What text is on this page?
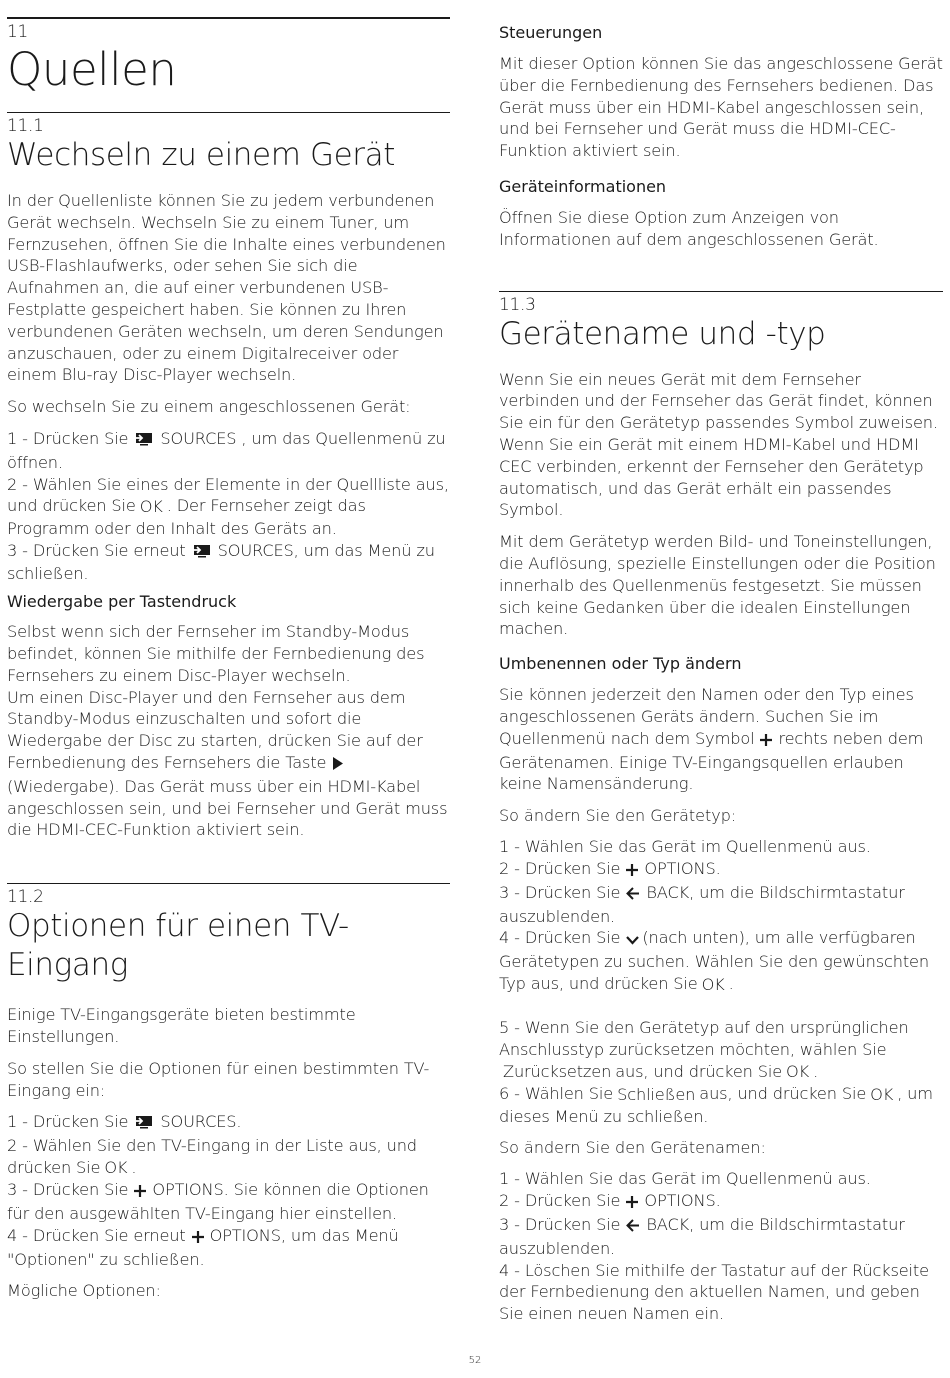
11
Quellen
11.1
Wechseln zu einem Gerät

In der Quellenliste können Sie zu jedem verbundenen Gerät wechseln. Wechseln Sie zu einem Tuner, um Fernzusehen, öffnen Sie die Inhalte eines verbundenen USB-Flashlaufwerks, oder sehen Sie sich die Aufnahmen an, die auf einer verbundenen USB-Festplatte gespeichert haben. Sie können zu Ihren verbundenen Geräten wechseln, um deren Sendungen anzuschauen, oder zu einem Digitalreceiver oder einem Blu-ray Disc-Player wechseln.

So wechseln Sie zu einem angeschlossenen Gerät:

1 - Drücken Sie SOURCES , um das Quellenmenü zu öffnen.
2 - Wählen Sie eines der Elemente in der Quellliste aus, und drücken Sie OK . Der Fernseher zeigt das Programm oder den Inhalt des Geräts an.
3 - Drücken Sie erneut SOURCES, um das Menü zu schließen.

Wiedergabe per Tastendruck

Selbst wenn sich der Fernseher im Standby-Modus befindet, können Sie mithilfe der Fernbedienung des Fernsehers zu einem Disc-Player wechseln.
Um einen Disc-Player und den Fernseher aus dem Standby-Modus einzuschalten und sofort die Wiedergabe der Disc zu starten, drücken Sie auf der Fernbedienung des Fernsehers die Taste
(Wiedergabe). Das Gerät muss über ein HDMI-Kabel angeschlossen sein, und bei Fernseher und Gerät muss die HDMI-CEC-Funktion aktiviert sein.

11.2
Optionen für einen TV-Eingang

Einige TV-Eingangsgeräte bieten bestimmte Einstellungen.

So stellen Sie die Optionen für einen bestimmten TV-Eingang ein:

1 - Drücken Sie SOURCES.
2 - Wählen Sie den TV-Eingang in der Liste aus, und drücken Sie OK .
3 - Drücken Sie OPTIONS. Sie können die Optionen für den ausgewählten TV-Eingang hier einstellen.
4 - Drücken Sie erneut OPTIONS, um das Menü "Optionen" zu schließen.

Mögliche Optionen:

Steuerungen

Mit dieser Option können Sie das angeschlossene Gerät über die Fernbedienung des Fernsehers bedienen. Das Gerät muss über ein HDMI-Kabel angeschlossen sein, und bei Fernseher und Gerät muss die HDMI-CEC-Funktion aktiviert sein.

Geräteinformationen

Öffnen Sie diese Option zum Anzeigen von Informationen auf dem angeschlossenen Gerät.

11.3
Gerätename und -typ

Wenn Sie ein neues Gerät mit dem Fernseher verbinden und der Fernseher das Gerät findet, können Sie ein für den Gerätetyp passendes Symbol zuweisen. Wenn Sie ein Gerät mit einem HDMI-Kabel und HDMI CEC verbinden, erkennt der Fernseher den Gerätetyp automatisch, und das Gerät erhält ein passendes Symbol.

Mit dem Gerätetyp werden Bild- und Toneinstellungen, die Auflösung, spezielle Einstellungen oder die Position innerhalb des Quellenmenüs festgesetzt. Sie müssen sich keine Gedanken über die idealen Einstellungen machen.

Umbenennen oder Typ ändern

Sie können jederzeit den Namen oder den Typ eines angeschlossenen Geräts ändern. Suchen Sie im Quellenmenü nach dem Symbol rechts neben dem Gerätenamen. Einige TV-Eingangsquellen erlauben keine Namensänderung.

So ändern Sie den Gerätetyp:

1 - Wählen Sie das Gerät im Quellenmenü aus.
2 - Drücken Sie OPTIONS.
3 - Drücken Sie BACK, um die Bildschirmtastatur auszublenden.
4 - Drücken Sie (nach unten), um alle verfügbaren Gerätetypen zu suchen. Wählen Sie den gewünschten Typ aus, und drücken Sie OK .

5 - Wenn Sie den Gerätetyp auf den ursprünglichen Anschlusstyp zurücksetzen möchten, wählen SieZurücksetzen aus, und drücken Sie OK .
6 - Wählen Sie Schließen aus, und drücken Sie OK , um dieses Menü zu schließen.

So ändern Sie den Gerätenamen:

1 - Wählen Sie das Gerät im Quellenmenü aus.
2 - Drücken Sie OPTIONS.
3 - Drücken Sie BACK, um die Bildschirmtastatur auszublenden.
4 - Löschen Sie mithilfe der Tastatur auf der Rückseite der Fernbedienung den aktuellen Namen, und geben Sie einen neuen Namen ein.

52
